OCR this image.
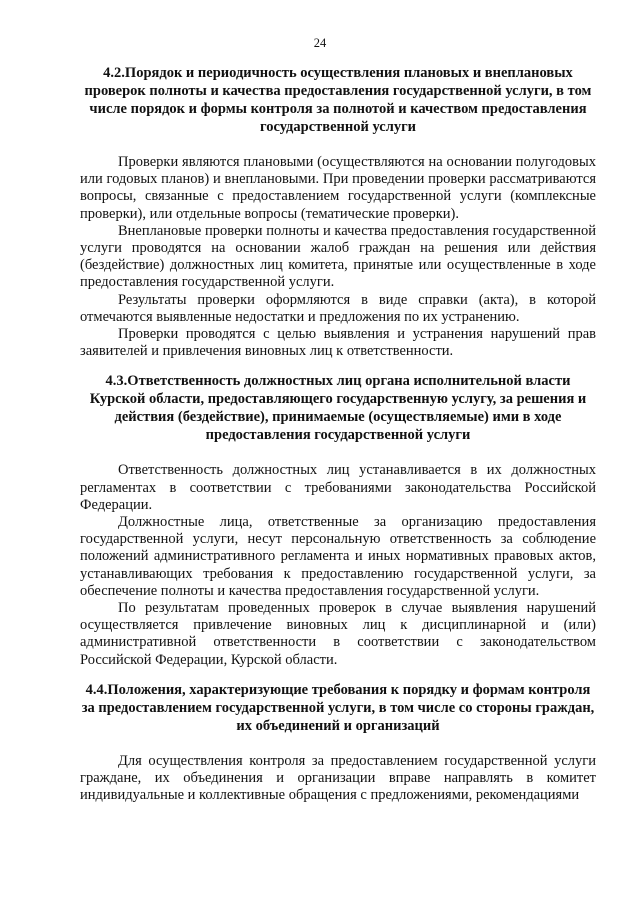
24

4.2.Порядок и периодичность осуществления плановых и внеплановых проверок полноты и качества предоставления государственной услуги, в том числе порядок и формы контроля за полнотой и качеством предоставления государственной услуги

Проверки являются плановыми (осуществляются на основании полугодовых или годовых планов) и внеплановыми. При проведении проверки рассматриваются вопросы, связанные с предоставлением государственной услуги (комплексные проверки), или отдельные вопросы (тематические проверки).

Внеплановые проверки полноты и качества предоставления государственной услуги проводятся на основании жалоб граждан на решения или действия (бездействие) должностных лиц комитета, принятые или осуществленные в ходе предоставления государственной услуги.

Результаты проверки оформляются в виде справки (акта), в которой отмечаются выявленные недостатки и предложения по их устранению.

Проверки проводятся с целью выявления и устранения нарушений прав заявителей и привлечения виновных лиц к ответственности.

4.3.Ответственность должностных лиц органа исполнительной власти Курской области, предоставляющего государственную услугу, за решения и действия (бездействие), принимаемые (осуществляемые) ими в ходе предоставления государственной услуги

Ответственность должностных лиц устанавливается в их должностных регламентах в соответствии с требованиями законодательства Российской Федерации.

Должностные лица, ответственные за организацию предоставления государственной услуги, несут персональную ответственность за соблюдение положений административного регламента и иных нормативных правовых актов, устанавливающих требования к предоставлению государственной услуги, за обеспечение полноты и качества предоставления государственной услуги.

По результатам проведенных проверок в случае выявления нарушений осуществляется привлечение виновных лиц к дисциплинарной и (или) административной ответственности в соответствии с законодательством Российской Федерации, Курской области.

4.4.Положения, характеризующие требования к порядку и формам контроля за предоставлением государственной услуги, в том числе со стороны граждан, их объединений и организаций

Для осуществления контроля за предоставлением государственной услуги граждане, их объединения и организации вправе направлять в комитет индивидуальные и коллективные обращения с предложениями, рекомендациями
